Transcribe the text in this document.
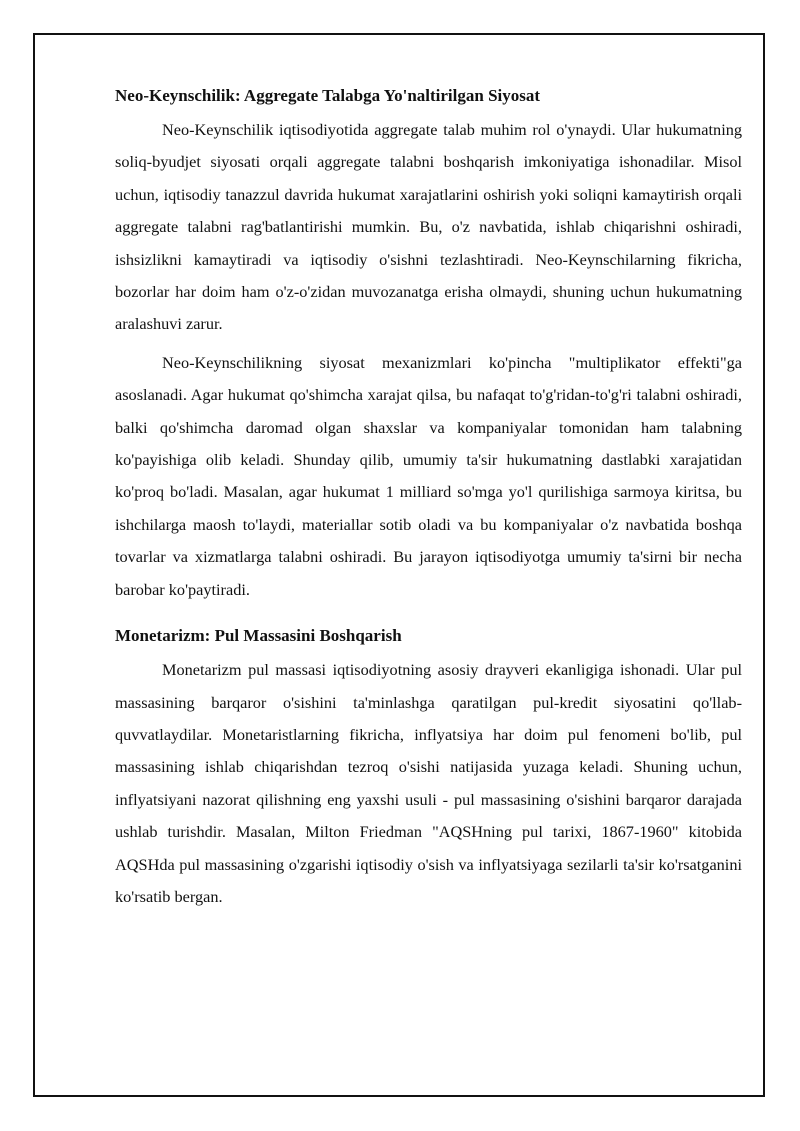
Neo-Keynschilik: Aggregate Talabga Yo'naltirilgan Siyosat

Neo-Keynschilik iqtisodiyotida aggregate talab muhim rol o'ynaydi. Ular hukumatning soliq-byudjet siyosati orqali aggregate talabni boshqarish imkoniyatiga ishonadilar. Misol uchun, iqtisodiy tanazzul davrida hukumat xarajatlarini oshirish yoki soliqni kamaytirish orqali aggregate talabni rag'batlantirishi mumkin. Bu, o'z navbatida, ishlab chiqarishni oshiradi, ishsizlikni kamaytiradi va iqtisodiy o'sishni tezlashtiradi. Neo-Keynschilarning fikricha, bozorlar har doim ham o'z-o'zidan muvozanatga erisha olmaydi, shuning uchun hukumatning aralashuvi zarur.

Neo-Keynschilikning siyosat mexanizmlari ko'pincha "multiplikator effekti"ga asoslanadi. Agar hukumat qo'shimcha xarajat qilsa, bu nafaqat to'g'ridan-to'g'ri talabni oshiradi, balki qo'shimcha daromad olgan shaxslar va kompaniyalar tomonidan ham talabning ko'payishiga olib keladi. Shunday qilib, umumiy ta'sir hukumatning dastlabki xarajatidan ko'proq bo'ladi. Masalan, agar hukumat 1 milliard so'mga yo'l qurilishiga sarmoya kiritsa, bu ishchilarga maosh to'laydi, materiallar sotib oladi va bu kompaniyalar o'z navbatida boshqa tovarlar va xizmatlarga talabni oshiradi. Bu jarayon iqtisodiyotga umumiy ta'sirni bir necha barobar ko'paytiradi.

Monetarizm: Pul Massasini Boshqarish

Monetarizm pul massasi iqtisodiyotning asosiy drayveri ekanligiga ishonadi. Ular pul massasining barqaror o'sishini ta'minlashga qaratilgan pul-kredit siyosatini qo'llab-quvvatlaydilar. Monetaristlarning fikricha, inflyatsiya har doim pul fenomeni bo'lib, pul massasining ishlab chiqarishdan tezroq o'sishi natijasida yuzaga keladi. Shuning uchun, inflyatsiyani nazorat qilishning eng yaxshi usuli - pul massasining o'sishini barqaror darajada ushlab turishdir. Masalan, Milton Friedman "AQSHning pul tarixi, 1867-1960" kitobida AQSHda pul massasining o'zgarishi iqtisodiy o'sish va inflyatsiyaga sezilarli ta'sir ko'rsatganini ko'rsatib bergan.
